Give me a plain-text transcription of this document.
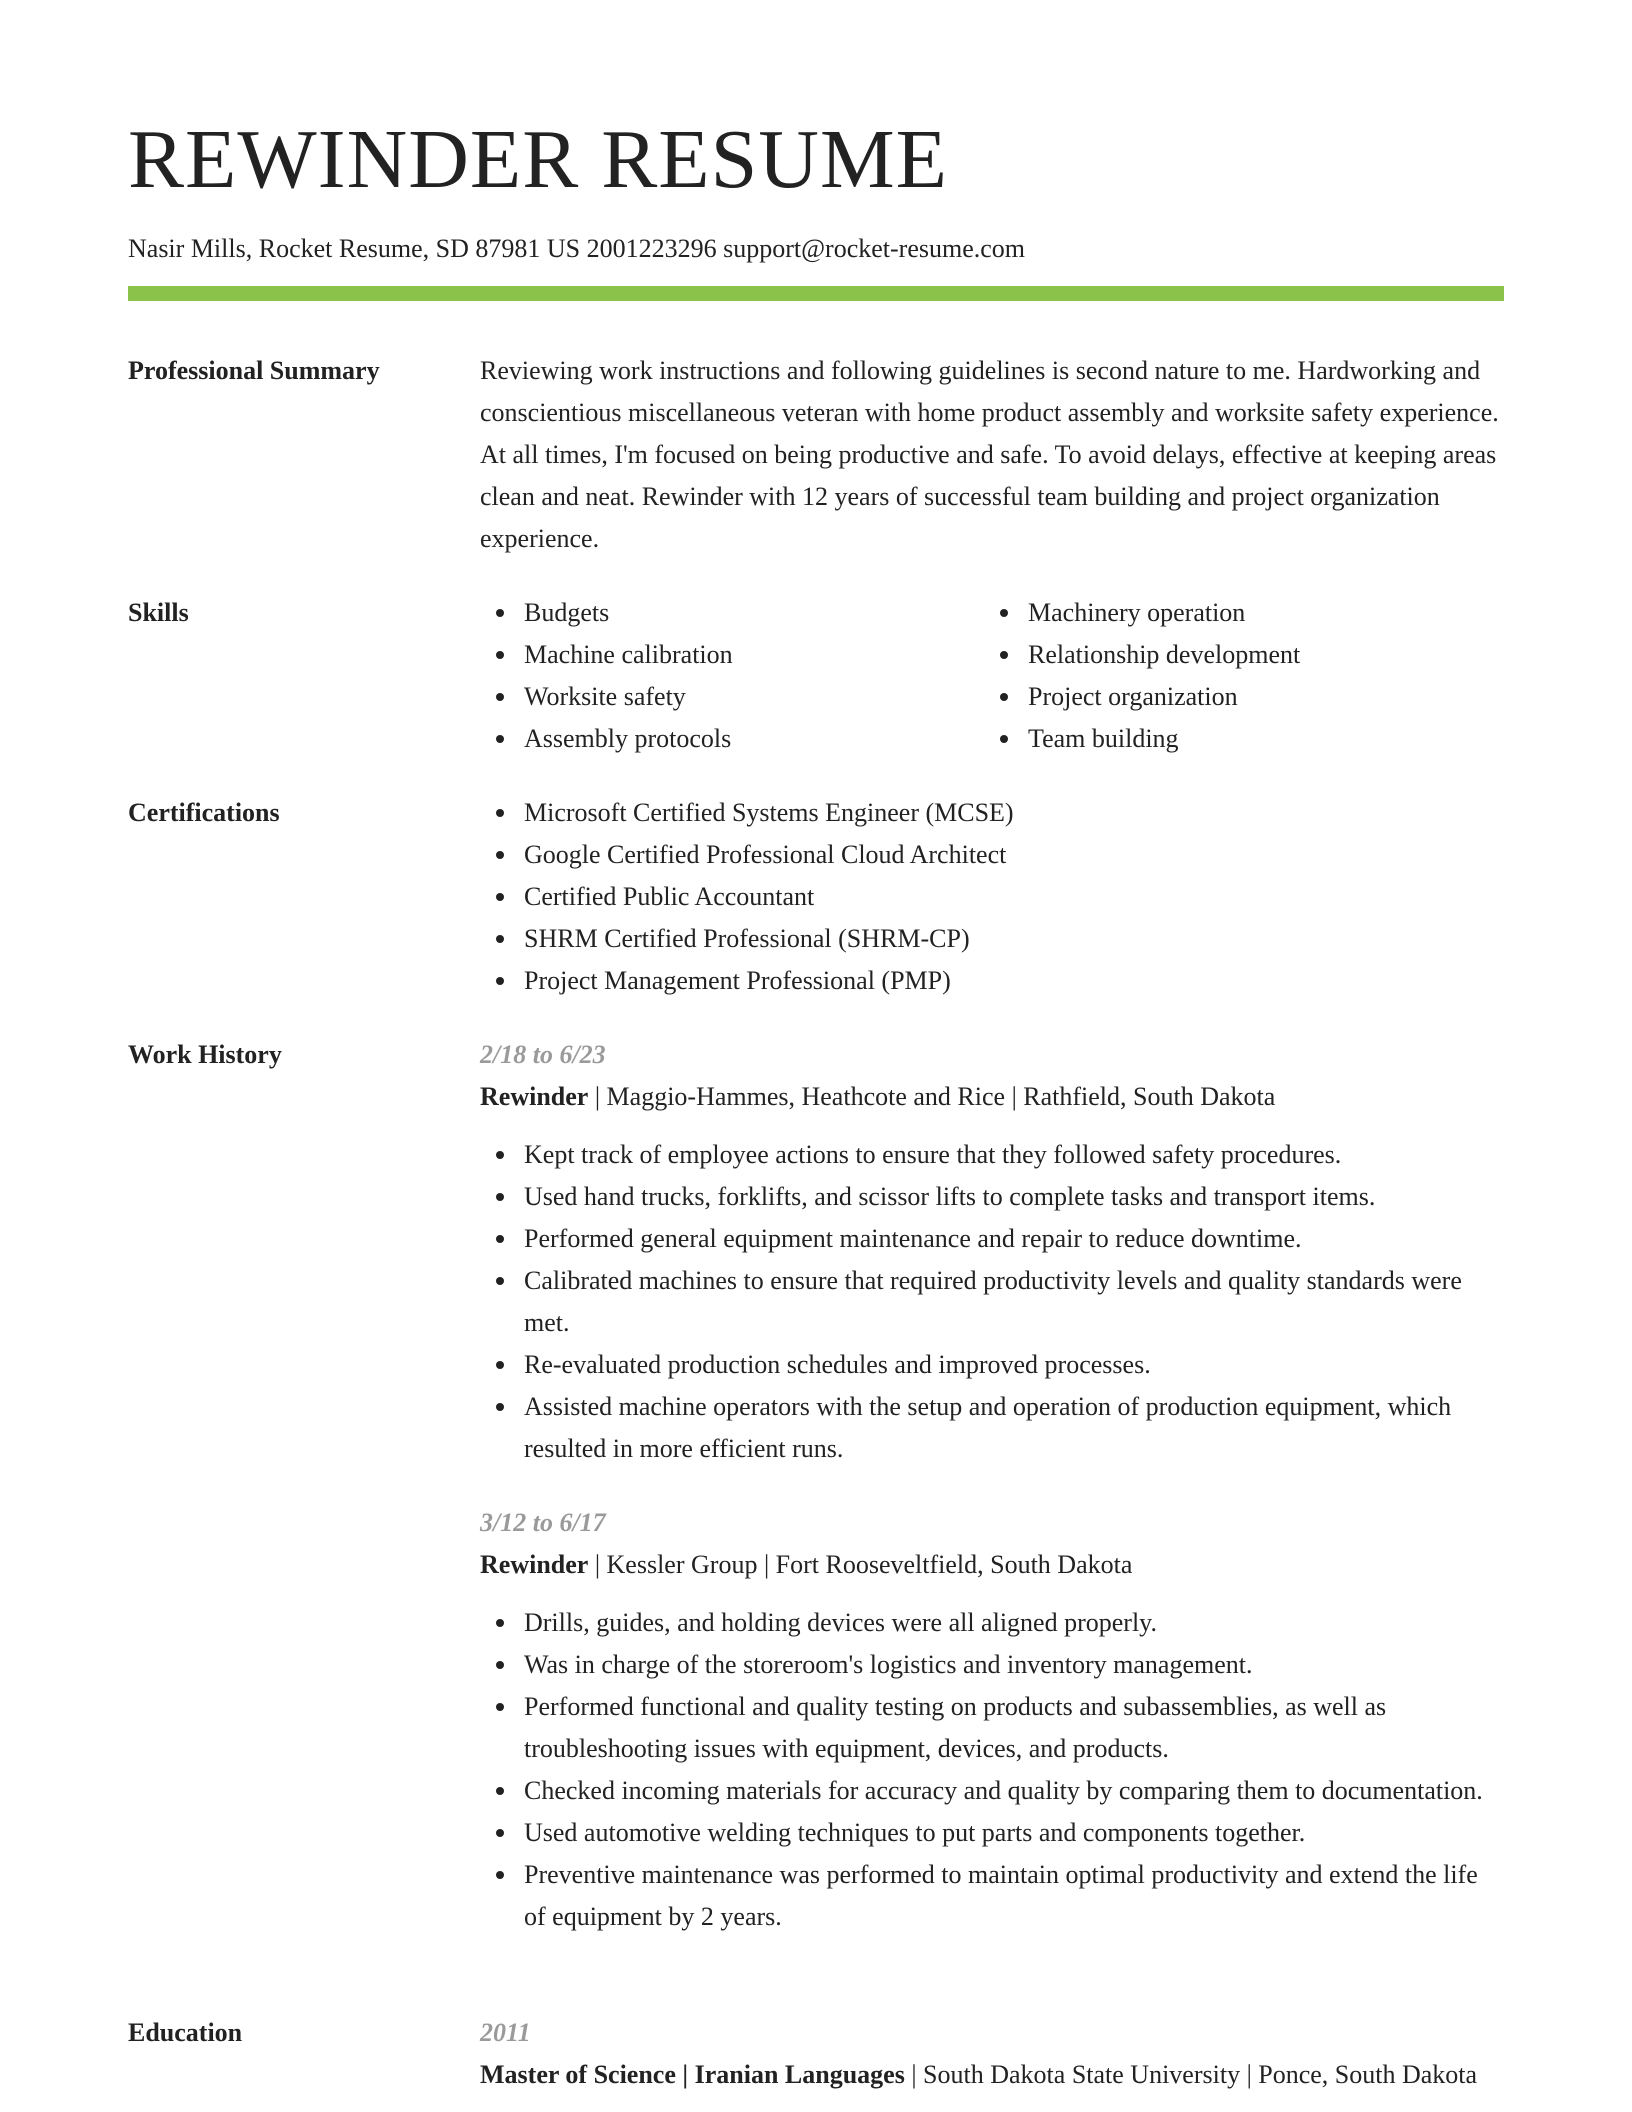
REWINDER RESUME
Nasir Mills, Rocket Resume, SD 87981 US 2001223296 support@rocket-resume.com
Professional Summary	Reviewing work instructions and following guidelines is second nature to me. Hardworking and conscientious miscellaneous veteran with home product assembly and worksite safety experience. At all times, I'm focused on being productive and safe. To avoid delays, effective at keeping areas clean and neat. Rewinder with 12 years of successful team building and project organization experience.

Skills	Budgets
Machine calibration
Worksite safety
Assembly protocols
Machinery operation
Relationship development
Project organization
Team building
Certifications	Microsoft Certified Systems Engineer (MCSE)
Google Certified Professional Cloud Architect
Certified Public Accountant
SHRM Certified Professional (SHRM-CP)
Project Management Professional (PMP)
Work History	2/18 to 6/23
Rewinder | Maggio-Hammes, Heathcote and Rice | Rathfield, South Dakota
Kept track of employee actions to ensure that they followed safety procedures.
Used hand trucks, forklifts, and scissor lifts to complete tasks and transport items.
Performed general equipment maintenance and repair to reduce downtime.
Calibrated machines to ensure that required productivity levels and quality standards were met.
Re-evaluated production schedules and improved processes.
Assisted machine operators with the setup and operation of production equipment, which resulted in more efficient runs.
3/12 to 6/17
Rewinder | Kessler Group | Fort Rooseveltfield, South Dakota
Drills, guides, and holding devices were all aligned properly.
Was in charge of the storeroom's logistics and inventory management.
Performed functional and quality testing on products and subassemblies, as well as troubleshooting issues with equipment, devices, and products.
Checked incoming materials for accuracy and quality by comparing them to documentation.
Used automotive welding techniques to put parts and components together.
Preventive maintenance was performed to maintain optimal productivity and extend the life of equipment by 2 years.
Education	2011
Master of Science | Iranian Languages | South Dakota State University | Ponce, South Dakota
